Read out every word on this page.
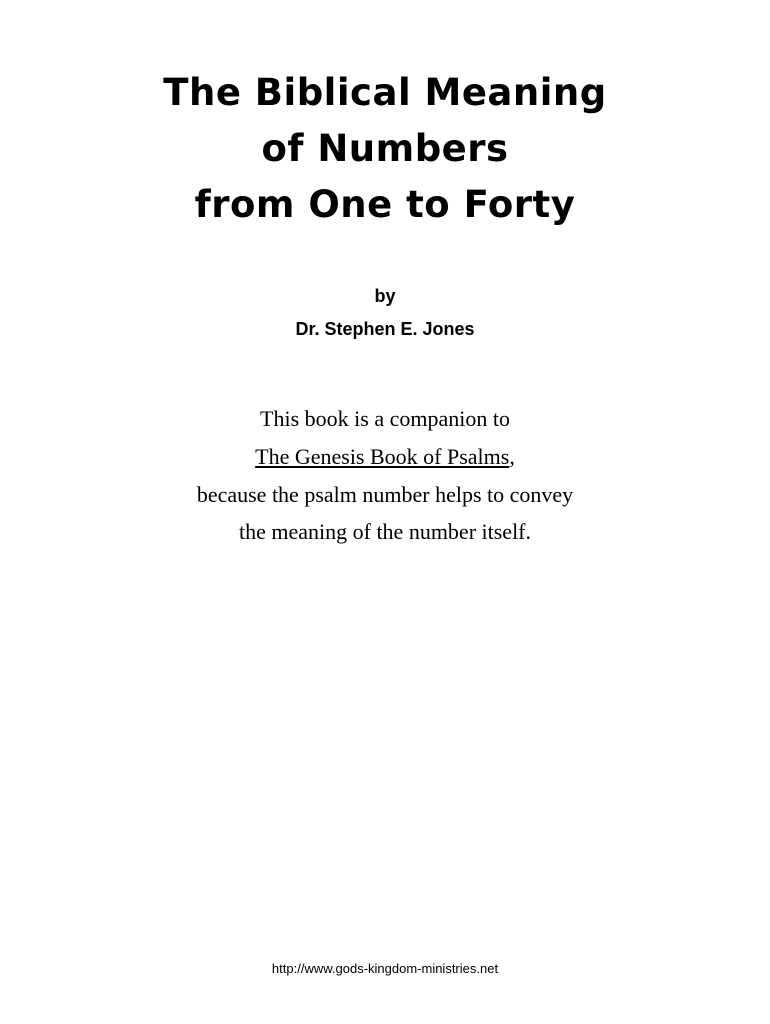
The Biblical Meaning
of Numbers
from One to Forty
by
Dr. Stephen E. Jones
This book is a companion to
The Genesis Book of Psalms,
because the psalm number helps to convey
the meaning of the number itself.
http://www.gods-kingdom-ministries.net
